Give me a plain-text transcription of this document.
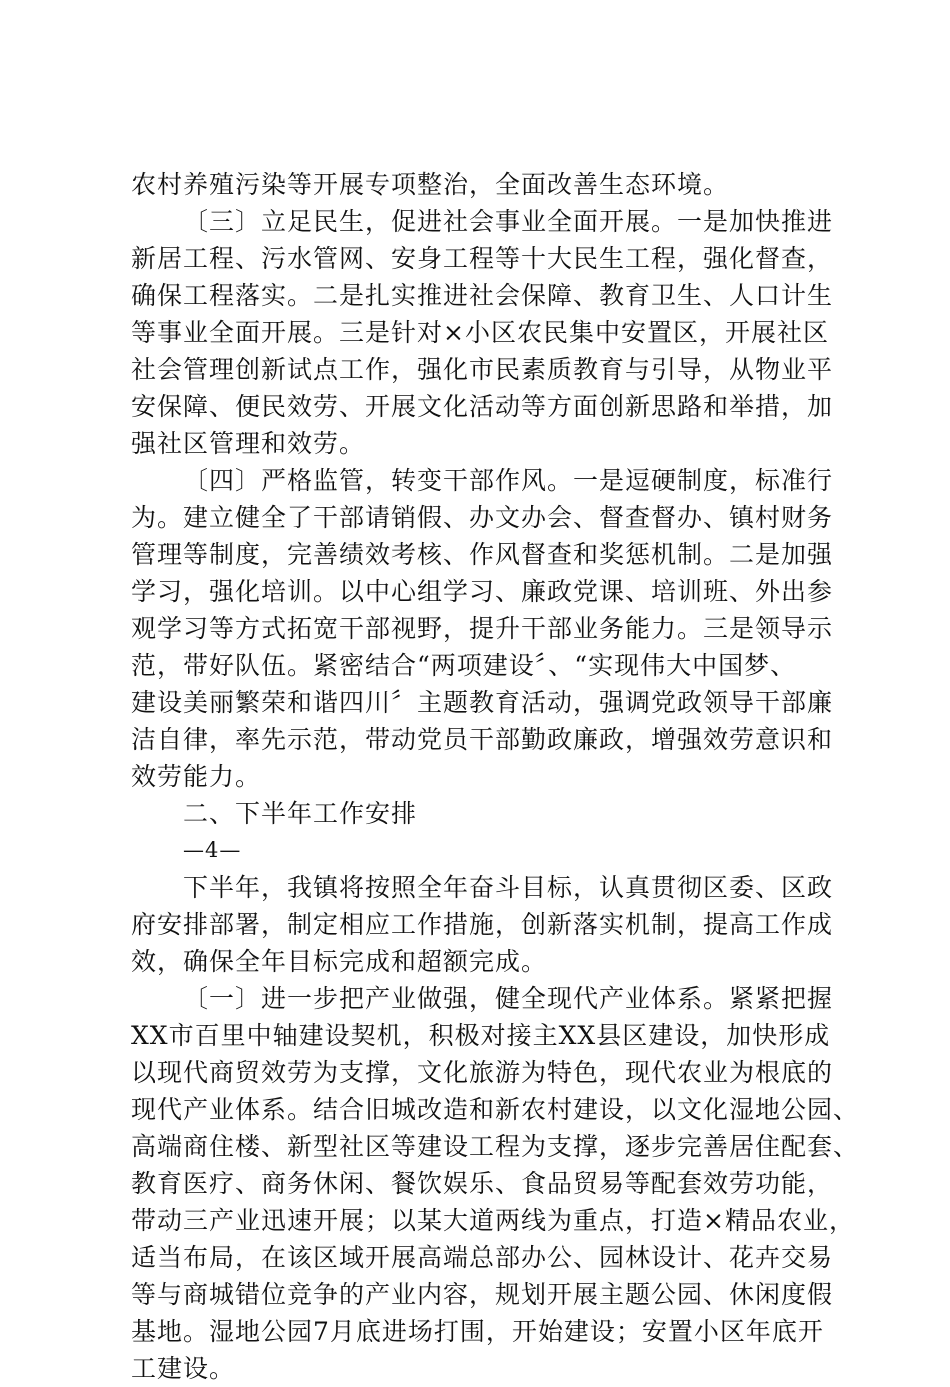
农村养殖污染等开展专项整治，全面改善生态环境。
〔三〕立足民生，促进社会事业全面开展。一是加快推进
新居工程、污水管网、安身工程等十大民生工程，强化督查，
确保工程落实。二是扎实推进社会保障、教育卫生、人口计生
等事业全面开展。三是针对×小区农民集中安置区，开展社区
社会管理创新试点工作，强化市民素质教育与引导，从物业平
安保障、便民效劳、开展文化活动等方面创新思路和举措，加
强社区管理和效劳。
〔四〕严格监管，转变干部作风。一是逗硬制度，标准行
为。建立健全了干部请销假、办文办会、督查督办、镇村财务
管理等制度，完善绩效考核、作风督查和奖惩机制。二是加强
学习，强化培训。以中心组学习、廉政党课、培训班、外出参
观学习等方式拓宽干部视野，提升干部业务能力。三是领导示
范，带好队伍。紧密结合“两项建设〞、“实现伟大中国梦、
建设美丽繁荣和谐四川〞主题教育活动，强调党政领导干部廉
洁自律，率先示范，带动党员干部勤政廉政，增强效劳意识和
效劳能力。
二、下半年工作安排
—4—
下半年，我镇将按照全年奋斗目标，认真贯彻区委、区政
府安排部署，制定相应工作措施，创新落实机制，提高工作成
效，确保全年目标完成和超额完成。
〔一〕进一步把产业做强，健全现代产业体系。紧紧把握
XX市百里中轴建设契机，积极对接主XX县区建设，加快形成
以现代商贸效劳为支撑，文化旅游为特色，现代农业为根底的
现代产业体系。结合旧城改造和新农村建设，以文化湿地公园、
高端商住楼、新型社区等建设工程为支撑，逐步完善居住配套、
教育医疗、商务休闲、餐饮娱乐、食品贸易等配套效劳功能，
带动三产业迅速开展；以某大道两线为重点，打造×精品农业，
适当布局，在该区域开展高端总部办公、园林设计、花卉交易
等与商城错位竞争的产业内容，规划开展主题公园、休闲度假
基地。湿地公园7月底进场打围，开始建设；安置小区年底开
工建设。
